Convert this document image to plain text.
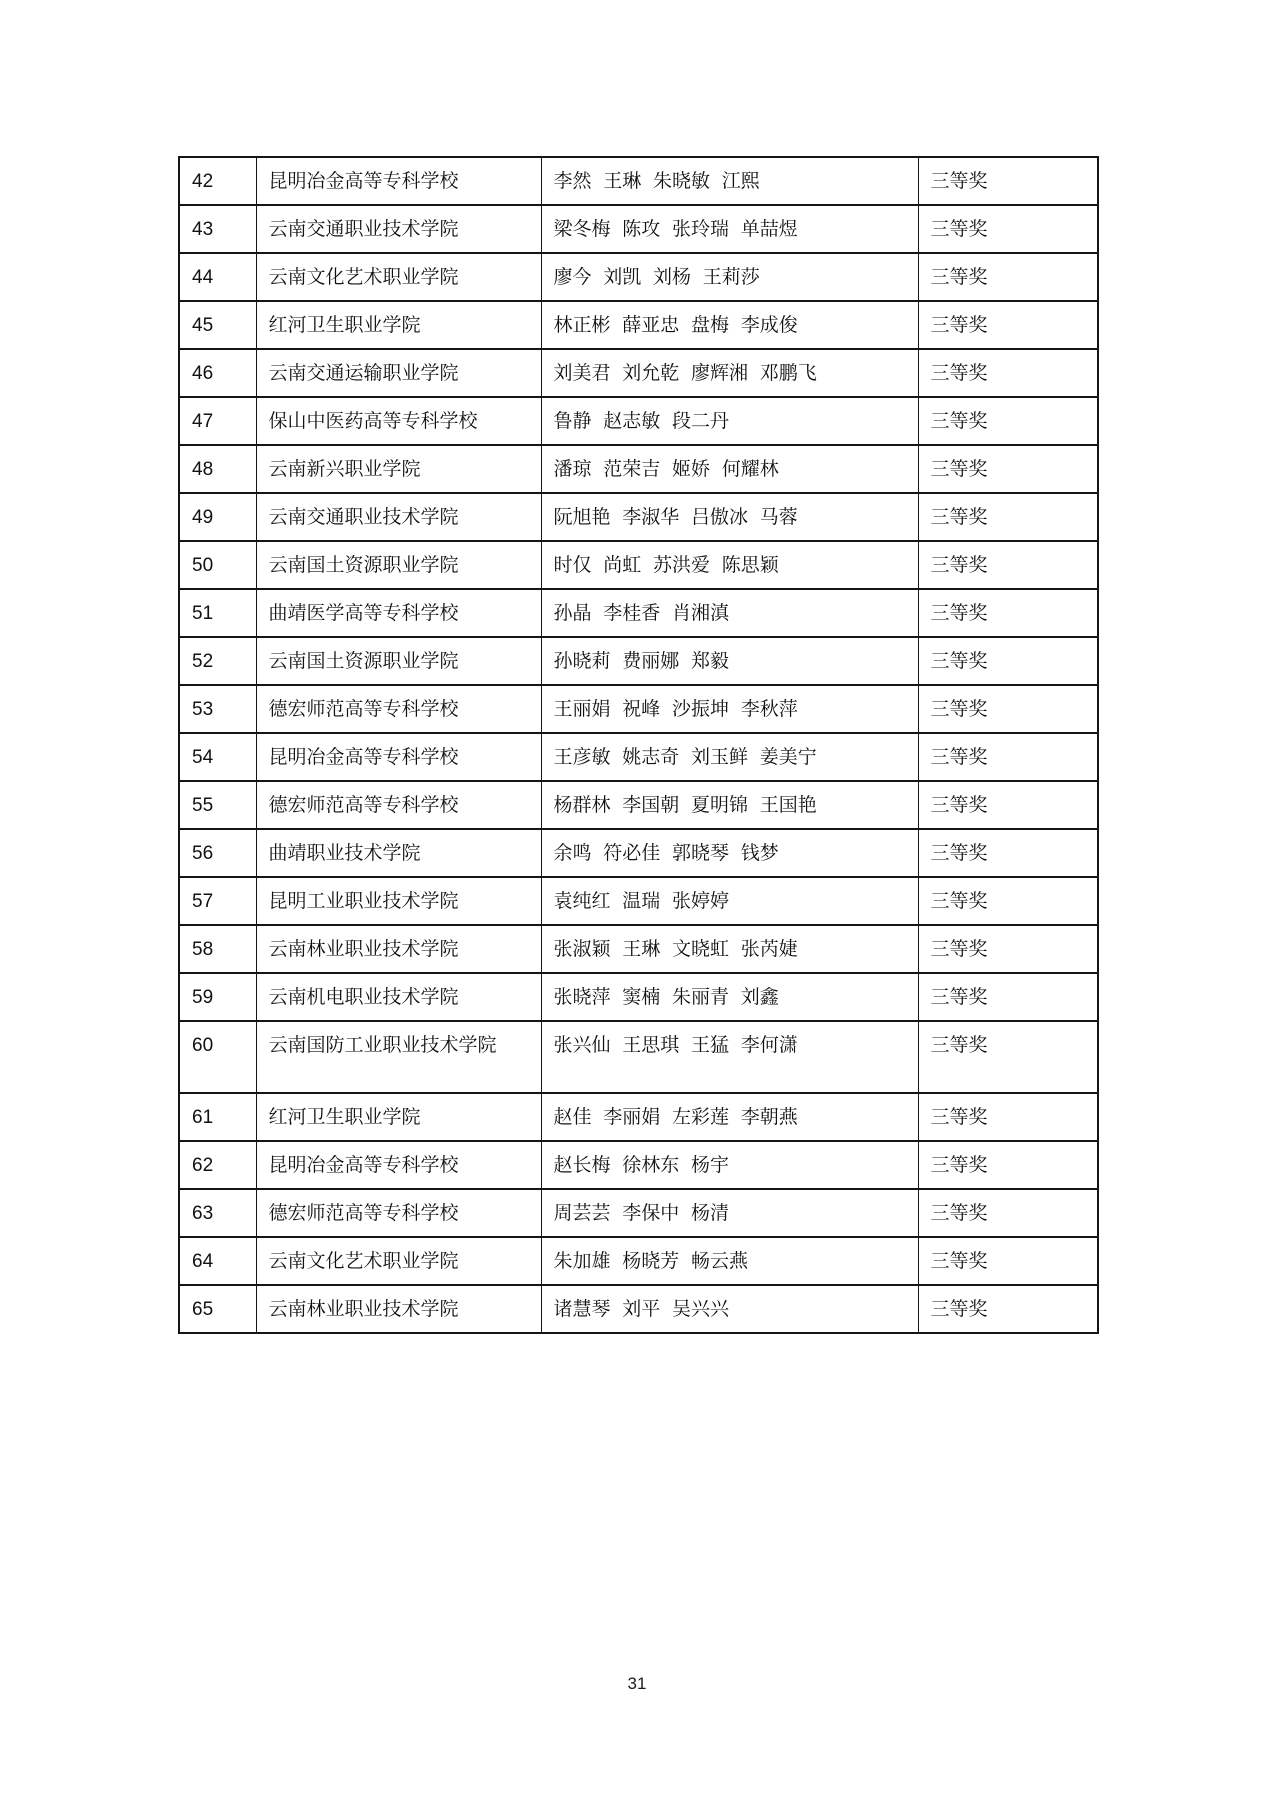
42	昆明冶金高等专科学校	李然 王琳 朱晓敏 江熙	三等奖
43	云南交通职业技术学院	梁冬梅 陈攻 张玲瑞 单喆煜	三等奖
44	云南文化艺术职业学院	廖今 刘凯 刘杨 王莉莎	三等奖
45	红河卫生职业学院	林正彬 薛亚忠 盘梅 李成俊	三等奖
46	云南交通运输职业学院	刘美君 刘允乾 廖辉湘 邓鹏飞	三等奖
47	保山中医药高等专科学校	鲁静 赵志敏 段二丹	三等奖
48	云南新兴职业学院	潘琼 范荣吉 姬娇 何耀林	三等奖
49	云南交通职业技术学院	阮旭艳 李淑华 吕傲冰 马蓉	三等奖
50	云南国土资源职业学院	时仅 尚虹 苏洪爱 陈思颖	三等奖
51	曲靖医学高等专科学校	孙晶 李桂香 肖湘滇	三等奖
52	云南国土资源职业学院	孙晓莉 费丽娜 郑毅	三等奖
53	德宏师范高等专科学校	王丽娟 祝峰 沙振坤 李秋萍	三等奖
54	昆明冶金高等专科学校	王彦敏 姚志奇 刘玉鲜 姜美宁	三等奖
55	德宏师范高等专科学校	杨群林 李国朝 夏明锦 王国艳	三等奖
56	曲靖职业技术学院	余鸣 符必佳 郭晓琴 钱梦	三等奖
57	昆明工业职业技术学院	袁纯红 温瑞 张婷婷	三等奖
58	云南林业职业技术学院	张淑颖 王琳 文晓虹 张芮婕	三等奖
59	云南机电职业技术学院	张晓萍 窦楠 朱丽青 刘鑫	三等奖
60	云南国防工业职业技术学院	张兴仙 王思琪 王猛 李何潇	三等奖
61	红河卫生职业学院	赵佳 李丽娟 左彩莲 李朝燕	三等奖
62	昆明冶金高等专科学校	赵长梅 徐林东 杨宇	三等奖
63	德宏师范高等专科学校	周芸芸 李保中 杨清	三等奖
64	云南文化艺术职业学院	朱加雄 杨晓芳 畅云燕	三等奖
65	云南林业职业技术学院	诸慧琴 刘平 吴兴兴	三等奖
31
